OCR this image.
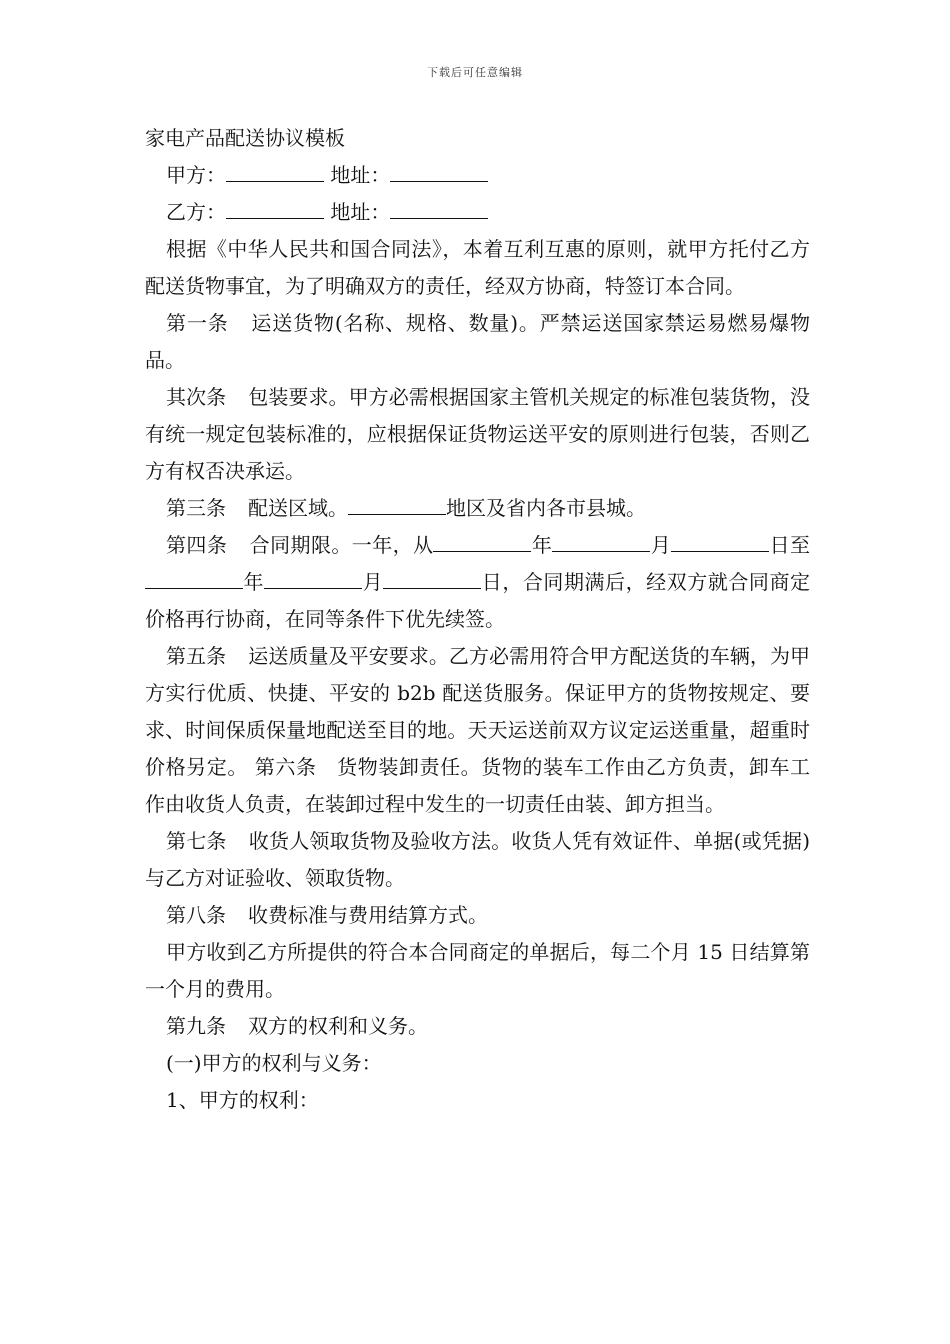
下载后可任意编辑
家电产品配送协议模板
甲方：	地址：
乙方：	地址：
根据《中华人民共和国合同法》，本着互利互惠的原则，就甲方托付乙方配送货物事宜，为了明确双方的责任，经双方协商，特签订本合同。
第一条 运送货物(名称、规格、数量)。严禁运送国家禁运易燃易爆物品。
其次条 包装要求。甲方必需根据国家主管机关规定的标准包装货物，没有统一规定包装标准的，应根据保证货物运送平安的原则进行包装，否则乙方有权否决承运。
第三条 配送区域。	地区及省内各市县城。
第四条 合同期限。一年，从	年	月	日至年	月	日，合同期满后，经双方就合同商定价格再行协商，在同等条件下优先续签。
第五条 运送质量及平安要求。乙方必需用符合甲方配送货的车辆，为甲方实行优质、快捷、平安的 b2b 配送货服务。保证甲方的货物按规定、要求、时间保质保量地配送至目的地。天天运送前双方议定运送重量，超重时价格另定。 第六条　货物装卸责任。货物的装车工作由乙方负责，卸车工作由收货人负责，在装卸过程中发生的一切责任由装、卸方担当。
第七条 收货人领取货物及验收方法。收货人凭有效证件、单据(或凭据)与乙方对证验收、领取货物。
第八条 收费标准与费用结算方式。
甲方收到乙方所提供的符合本合同商定的单据后，每二个月 15 日结算第一个月的费用。
第九条 双方的权利和义务。
(一)甲方的权利与义务：
1、甲方的权利：
